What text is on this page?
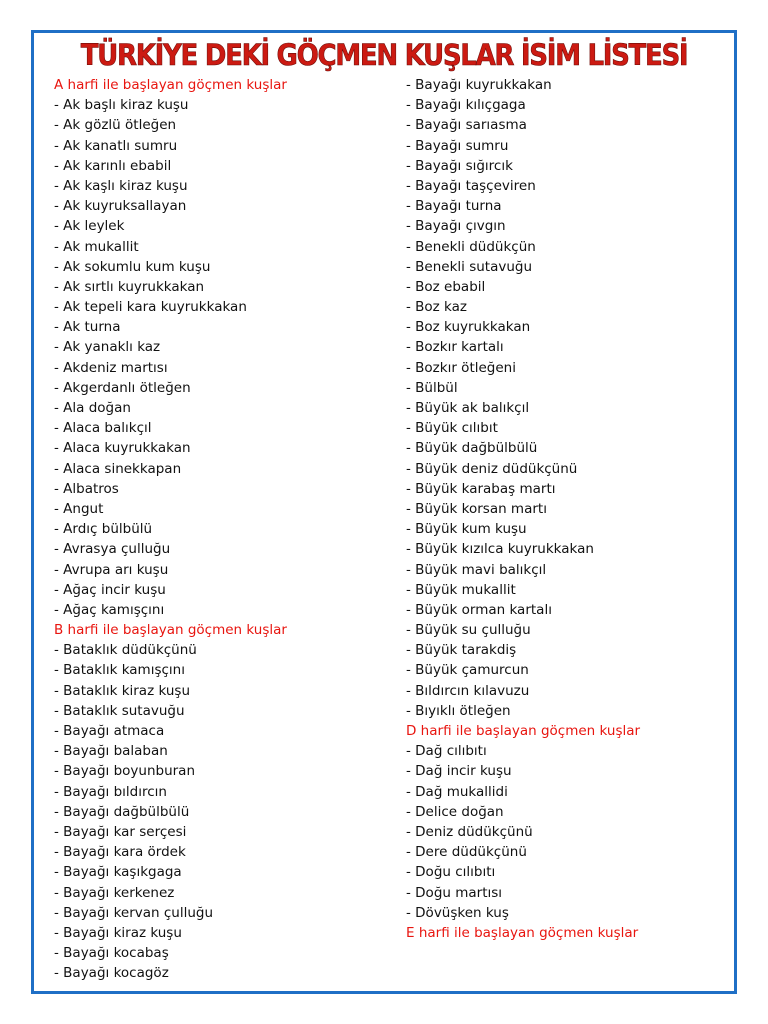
TÜRKİYE DEKİ GÖÇMEN KUŞLAR İSİM LİSTESİ
A harfi ile başlayan göçmen kuşlar
- Ak başlı kiraz kuşu
- Ak gözlü ötleğen
- Ak kanatlı sumru
- Ak karınlı ebabil
- Ak kaşlı kiraz kuşu
- Ak kuyruksallayan
- Ak leylek
- Ak mukallit
- Ak sokumlu kum kuşu
- Ak sırtlı kuyrukkakan
- Ak tepeli kara kuyrukkakan
- Ak turna
- Ak yanaklı kaz
- Akdeniz martısı
- Akgerdanlı ötleğen
- Ala doğan
- Alaca balıkçıl
- Alaca kuyrukkakan
- Alaca sinekkapan
- Albatros
- Angut
- Ardıç bülbülü
- Avrasya çulluğu
- Avrupa arı kuşu
- Ağaç incir kuşu
- Ağaç kamışçını
B harfi ile başlayan göçmen kuşlar
- Bataklık düdükçünü
- Bataklık kamışçını
- Bataklık kiraz kuşu
- Bataklık sutavuğu
- Bayağı atmaca
- Bayağı balaban
- Bayağı boyunburan
- Bayağı bıldırcın
- Bayağı dağbülbülü
- Bayağı kar serçesi
- Bayağı kara ördek
- Bayağı kaşıkgaga
- Bayağı kerkenez
- Bayağı kervan çulluğu
- Bayağı kiraz kuşu
- Bayağı kocabaş
- Bayağı kocagöz
- Bayağı kuyrukkakan
- Bayağı kılıçgaga
- Bayağı sarıasma
- Bayağı sumru
- Bayağı sığırcık
- Bayağı taşçeviren
- Bayağı turna
- Bayağı çıvgın
- Benekli düdükçün
- Benekli sutavuğu
- Boz ebabil
- Boz kaz
- Boz kuyrukkakan
- Bozkır kartalı
- Bozkır ötleğeni
- Bülbül
- Büyük ak balıkçıl
- Büyük cılıbıt
- Büyük dağbülbülü
- Büyük deniz düdükçünü
- Büyük karabaş martı
- Büyük korsan martı
- Büyük kum kuşu
- Büyük kızılca kuyrukkakan
- Büyük mavi balıkçıl
- Büyük mukallit
- Büyük orman kartalı
- Büyük su çulluğu
- Büyük tarakdiş
- Büyük çamurcun
- Bıldırcın kılavuzu
- Bıyıklı ötleğen
D harfi ile başlayan göçmen kuşlar
- Dağ cılıbıtı
- Dağ incir kuşu
- Dağ mukallidi
- Delice doğan
- Deniz düdükçünü
- Dere düdükçünü
- Doğu cılıbıtı
- Doğu martısı
- Dövüşken kuş
E harfi ile başlayan göçmen kuşlar
